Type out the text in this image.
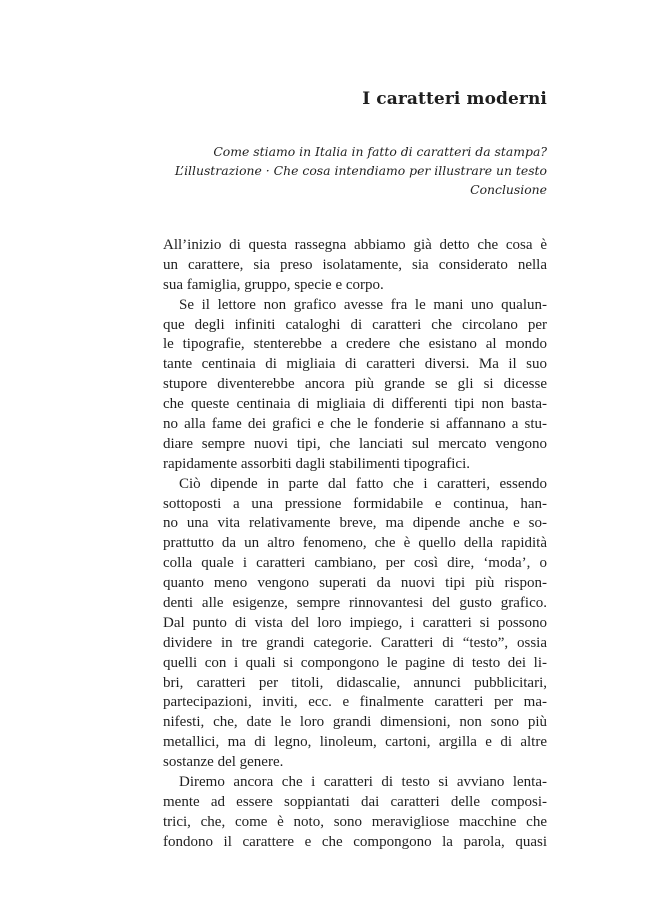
I caratteri moderni
Come stiamo in Italia in fatto di caratteri da stampa?
L’illustrazione · Che cosa intendiamo per illustrare un testo
Conclusione
All’inizio di questa rassegna abbiamo già detto che cosa è
un carattere, sia preso isolatamente, sia considerato nella
sua famiglia, gruppo, specie e corpo.
Se il lettore non grafico avesse fra le mani uno qualun-
que degli infiniti cataloghi di caratteri che circolano per
le tipografie, stenterebbe a credere che esistano al mondo
tante centinaia di migliaia di caratteri diversi. Ma il suo
stupore diventerebbe ancora più grande se gli si dicesse
che queste centinaia di migliaia di differenti tipi non basta-
no alla fame dei grafici e che le fonderie si affannano a stu-
diare sempre nuovi tipi, che lanciati sul mercato vengono
rapidamente assorbiti dagli stabilimenti tipografici.
Ciò dipende in parte dal fatto che i caratteri, essendo
sottoposti a una pressione formidabile e continua, han-
no una vita relativamente breve, ma dipende anche e so-
prattutto da un altro fenomeno, che è quello della rapidità
colla quale i caratteri cambiano, per così dire, ‘moda’, o
quanto meno vengono superati da nuovi tipi più rispon-
denti alle esigenze, sempre rinnovantesi del gusto grafico.
Dal punto di vista del loro impiego, i caratteri si possono
dividere in tre grandi categorie. Caratteri di “testo”, ossia
quelli con i quali si compongono le pagine di testo dei li-
bri, caratteri per titoli, didascalie, annunci pubblicitari,
partecipazioni, inviti, ecc. e finalmente caratteri per ma-
nifesti, che, date le loro grandi dimensioni, non sono più
metallici, ma di legno, linoleum, cartoni, argilla e di altre
sostanze del genere.
Diremo ancora che i caratteri di testo si avviano lenta-
mente ad essere soppiantati dai caratteri delle composi-
trici, che, come è noto, sono meravigliose macchine che
fondono il carattere e che compongono la parola, quasi
